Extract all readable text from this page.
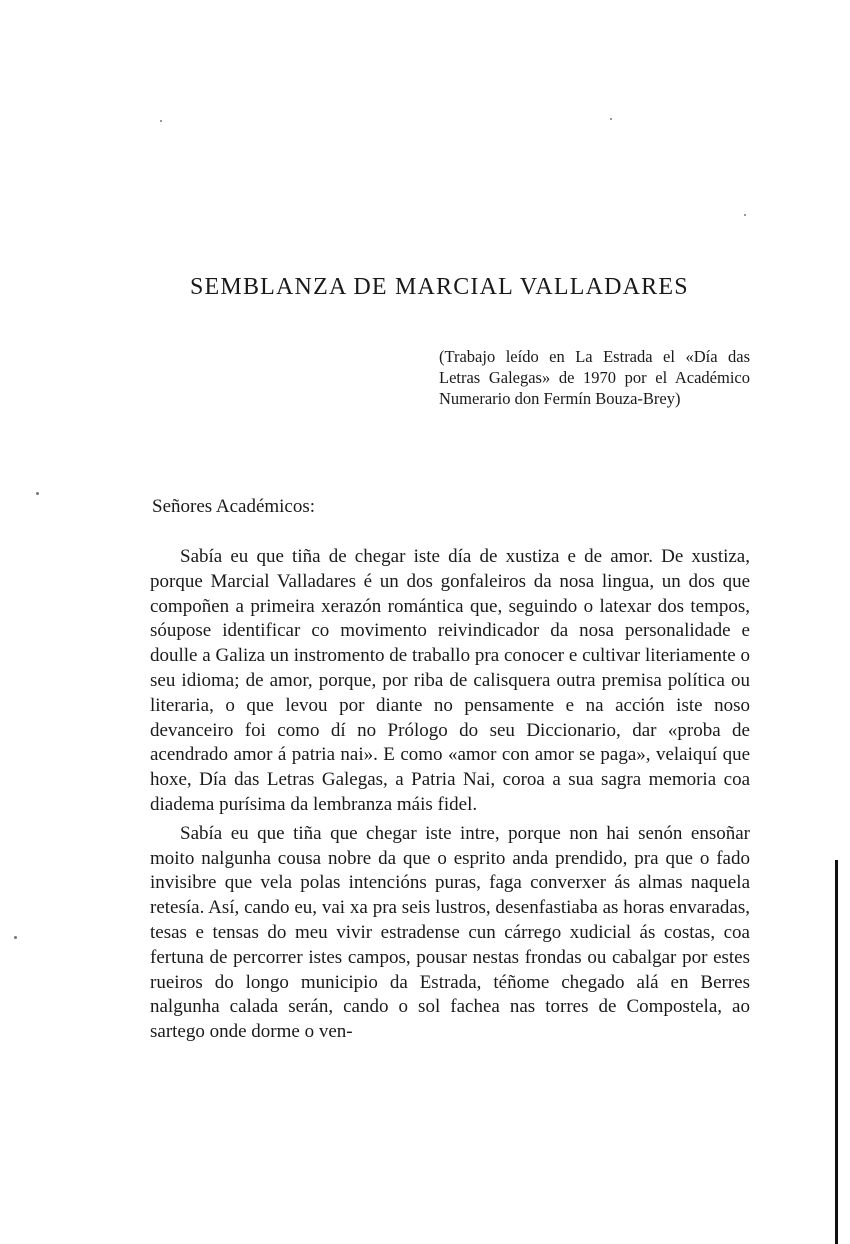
SEMBLANZA DE MARCIAL VALLADARES

(Trabajo leído en La Estrada el «Día das Letras Galegas» de 1970 por el Académico Numerario don Fermín Bouza-Brey)

Señores Académicos:

Sabía eu que tiña de chegar iste día de xustiza e de amor. De xustiza, porque Marcial Valladares é un dos gonfaleiros da nosa lingua, un dos que compoñen a primeira xerazón romántica que, seguindo o latexar dos tempos, sóupose identificar co movimento reivindicador da nosa personalidade e doulle a Galiza un instromento de traballo pra conocer e cultivar literiamente o seu idioma; de amor, porque, por riba de calisquera outra premisa política ou literaria, o que levou por diante no pensamente e na acción iste noso devanceiro foi como dí no Prólogo do seu Diccionario, dar «proba de acendrado amor á patria nai». E como «amor con amor se paga», velaiquí que hoxe, Día das Letras Galegas, a Patria Nai, coroa a sua sagra memoria coa diadema purísima da lembranza máis fidel.

Sabía eu que tiña que chegar iste intre, porque non hai senón ensoñar moito nalgunha cousa nobre da que o esprito anda prendido, pra que o fado invisibre que vela polas intencións puras, faga converxer ás almas naquela retesía. Así, cando eu, vai xa pra seis lustros, desenfastiaba as horas envaradas, tesas e tensas do meu vivir estradense cun cárrego xudicial ás costas, coa fertuna de percorrer istes campos, pousar nestas frondas ou cabalgar por estes rueiros do longo municipio da Estrada, téñome chegado alá en Berres nalgunha calada serán, cando o sol fachea nas torres de Compostela, ao sartego onde dorme o ven-
